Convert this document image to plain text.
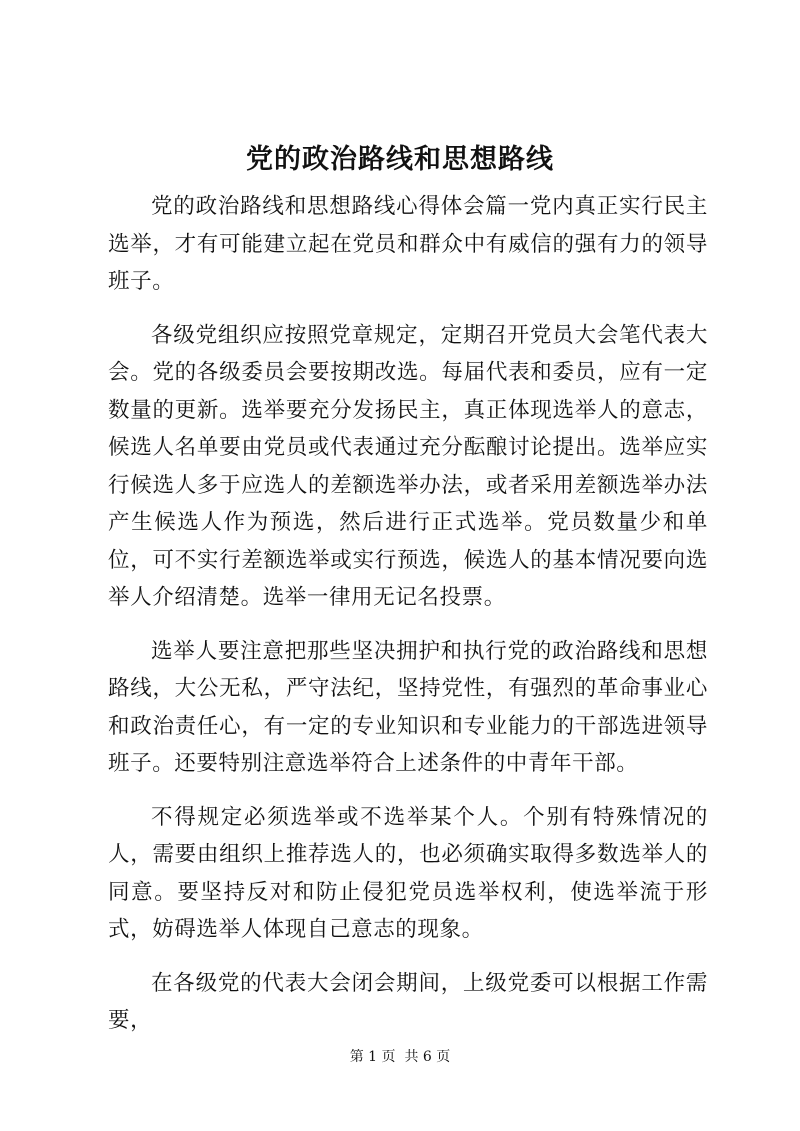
党的政治路线和思想路线

党的政治路线和思想路线心得体会篇一党内真正实行民主选举，才有可能建立起在党员和群众中有威信的强有力的领导班子。

各级党组织应按照党章规定，定期召开党员大会笔代表大会。党的各级委员会要按期改选。每届代表和委员，应有一定数量的更新。选举要充分发扬民主，真正体现选举人的意志，候选人名单要由党员或代表通过充分酝酿讨论提出。选举应实行候选人多于应选人的差额选举办法，或者采用差额选举办法产生候选人作为预选，然后进行正式选举。党员数量少和单位，可不实行差额选举或实行预选，候选人的基本情况要向选举人介绍清楚。选举一律用无记名投票。

选举人要注意把那些坚决拥护和执行党的政治路线和思想路线，大公无私，严守法纪，坚持党性，有强烈的革命事业心和政治责任心，有一定的专业知识和专业能力的干部选进领导班子。还要特别注意选举符合上述条件的中青年干部。

不得规定必须选举或不选举某个人。个别有特殊情况的人，需要由组织上推荐选人的，也必须确实取得多数选举人的同意。要坚持反对和防止侵犯党员选举权利，使选举流于形式，妨碍选举人体现自己意志的现象。

在各级党的代表大会闭会期间，上级党委可以根据工作需要，

第 1 页  共 6 页
